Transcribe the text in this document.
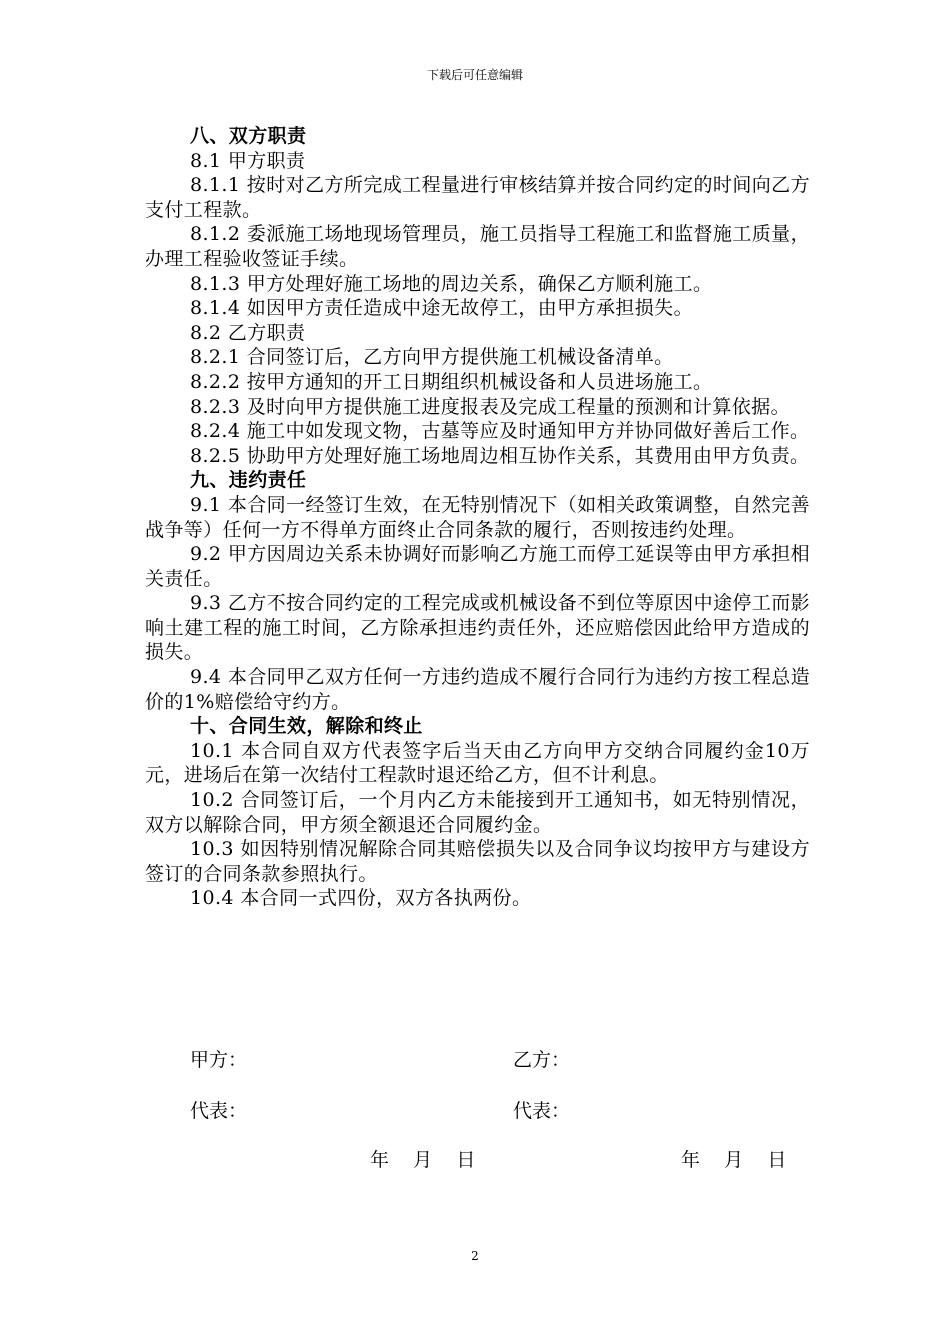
下载后可任意编辑

八、双方职责

8.1 甲方职责

8.1.1 按时对乙方所完成工程量进行审核结算并按合同约定的时间向乙方支付工程款。

8.1.2 委派施工场地现场管理员，施工员指导工程施工和监督施工质量，办理工程验收签证手续。

8.1.3 甲方处理好施工场地的周边关系，确保乙方顺利施工。

8.1.4 如因甲方责任造成中途无故停工，由甲方承担损失。

8.2 乙方职责

8.2.1 合同签订后，乙方向甲方提供施工机械设备清单。

8.2.2 按甲方通知的开工日期组织机械设备和人员进场施工。

8.2.3 及时向甲方提供施工进度报表及完成工程量的预测和计算依据。

8.2.4 施工中如发现文物，古墓等应及时通知甲方并协同做好善后工作。

8.2.5 协助甲方处理好施工场地周边相互协作关系，其费用由甲方负责。

九、违约责任

9.1 本合同一经签订生效，在无特别情况下（如相关政策调整，自然完善战争等）任何一方不得单方面终止合同条款的履行，否则按违约处理。

9.2 甲方因周边关系未协调好而影响乙方施工而停工延误等由甲方承担相关责任。

9.3 乙方不按合同约定的工程完成或机械设备不到位等原因中途停工而影响土建工程的施工时间，乙方除承担违约责任外，还应赔偿因此给甲方造成的损失。

9.4 本合同甲乙双方任何一方违约造成不履行合同行为违约方按工程总造价的1%赔偿给守约方。

十、合同生效，解除和终止

10.1 本合同自双方代表签字后当天由乙方向甲方交纳合同履约金10万元，进场后在第一次结付工程款时退还给乙方，但不计利息。

10.2 合同签订后，一个月内乙方未能接到开工通知书，如无特别情况，双方以解除合同，甲方须全额退还合同履约金。

10.3 如因特别情况解除合同其赔偿损失以及合同争议均按甲方与建设方签订的合同条款参照执行。

10.4 本合同一式四份，双方各执两份。

甲方：	乙方：
代表：	代表：
年    月    日	年    月    日
2
